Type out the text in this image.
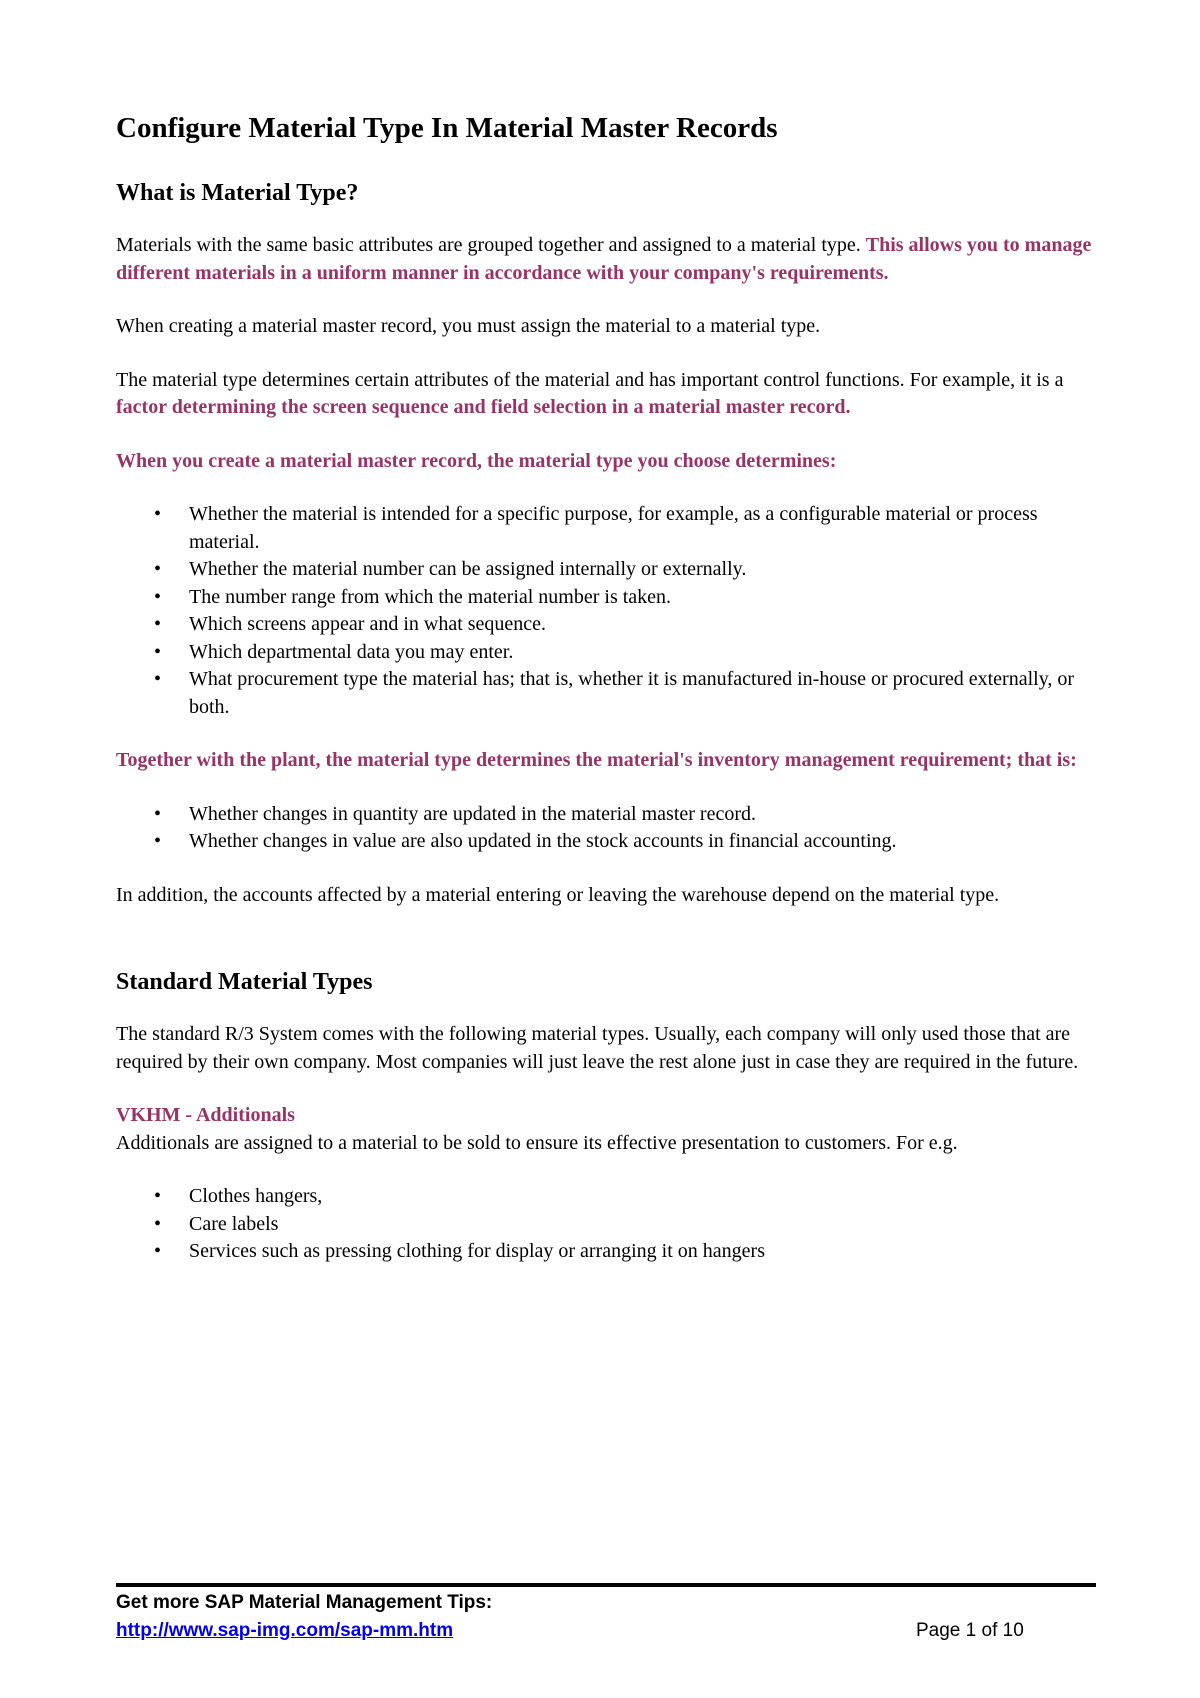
Configure Material Type In Material Master Records
What is Material Type?

Materials with the same basic attributes are grouped together and assigned to a material type. This allows you to manage different materials in a uniform manner in accordance with your company's requirements.

When creating a material master record, you must assign the material to a material type.

The material type determines certain attributes of the material and has important control functions. For example, it is a factor determining the screen sequence and field selection in a material master record.

When you create a material master record, the material type you choose determines:

• Whether the material is intended for a specific purpose, for example, as a configurable material or process material.
• Whether the material number can be assigned internally or externally.
• The number range from which the material number is taken.
• Which screens appear and in what sequence.
• Which departmental data you may enter.
• What procurement type the material has; that is, whether it is manufactured in-house or procured externally, or both.

Together with the plant, the material type determines the material's inventory management requirement; that is:

• Whether changes in quantity are updated in the material master record.
• Whether changes in value are also updated in the stock accounts in financial accounting.

In addition, the accounts affected by a material entering or leaving the warehouse depend on the material type.

Standard Material Types

The standard R/3 System comes with the following material types. Usually, each company will only used those that are required by their own company. Most companies will just leave the rest alone just in case they are required in the future.

VKHM - Additionals

Additionals are assigned to a material to be sold to ensure its effective presentation to customers. For e.g.

• Clothes hangers,
• Care labels
• Services such as pressing clothing for display or arranging it on hangers
Get more SAP Material Management Tips:
http://www.sap-img.com/sap-mm.htm	Page 1 of 10
